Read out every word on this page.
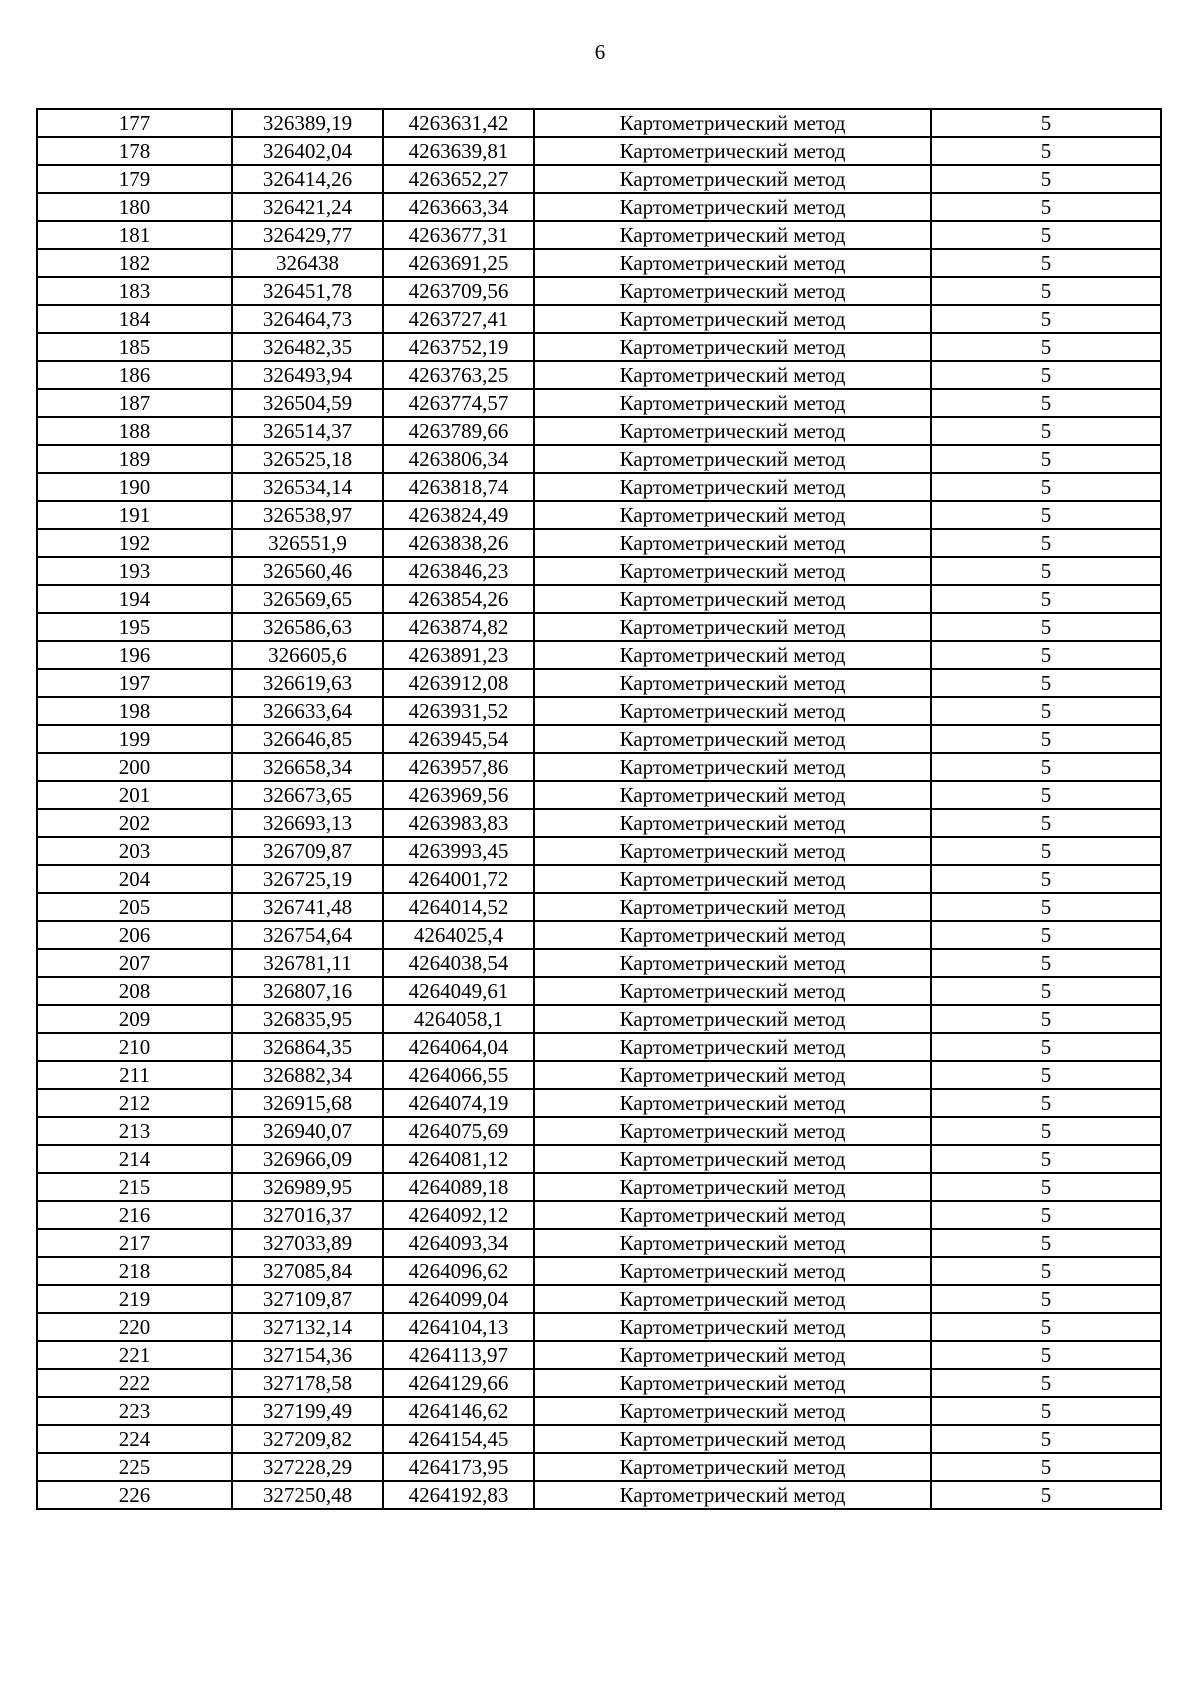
6
177	326389,19	4263631,42	Картометрический метод	5
178	326402,04	4263639,81	Картометрический метод	5
179	326414,26	4263652,27	Картометрический метод	5
180	326421,24	4263663,34	Картометрический метод	5
181	326429,77	4263677,31	Картометрический метод	5
182	326438	4263691,25	Картометрический метод	5
183	326451,78	4263709,56	Картометрический метод	5
184	326464,73	4263727,41	Картометрический метод	5
185	326482,35	4263752,19	Картометрический метод	5
186	326493,94	4263763,25	Картометрический метод	5
187	326504,59	4263774,57	Картометрический метод	5
188	326514,37	4263789,66	Картометрический метод	5
189	326525,18	4263806,34	Картометрический метод	5
190	326534,14	4263818,74	Картометрический метод	5
191	326538,97	4263824,49	Картометрический метод	5
192	326551,9	4263838,26	Картометрический метод	5
193	326560,46	4263846,23	Картометрический метод	5
194	326569,65	4263854,26	Картометрический метод	5
195	326586,63	4263874,82	Картометрический метод	5
196	326605,6	4263891,23	Картометрический метод	5
197	326619,63	4263912,08	Картометрический метод	5
198	326633,64	4263931,52	Картометрический метод	5
199	326646,85	4263945,54	Картометрический метод	5
200	326658,34	4263957,86	Картометрический метод	5
201	326673,65	4263969,56	Картометрический метод	5
202	326693,13	4263983,83	Картометрический метод	5
203	326709,87	4263993,45	Картометрический метод	5
204	326725,19	4264001,72	Картометрический метод	5
205	326741,48	4264014,52	Картометрический метод	5
206	326754,64	4264025,4	Картометрический метод	5
207	326781,11	4264038,54	Картометрический метод	5
208	326807,16	4264049,61	Картометрический метод	5
209	326835,95	4264058,1	Картометрический метод	5
210	326864,35	4264064,04	Картометрический метод	5
211	326882,34	4264066,55	Картометрический метод	5
212	326915,68	4264074,19	Картометрический метод	5
213	326940,07	4264075,69	Картометрический метод	5
214	326966,09	4264081,12	Картометрический метод	5
215	326989,95	4264089,18	Картометрический метод	5
216	327016,37	4264092,12	Картометрический метод	5
217	327033,89	4264093,34	Картометрический метод	5
218	327085,84	4264096,62	Картометрический метод	5
219	327109,87	4264099,04	Картометрический метод	5
220	327132,14	4264104,13	Картометрический метод	5
221	327154,36	4264113,97	Картометрический метод	5
222	327178,58	4264129,66	Картометрический метод	5
223	327199,49	4264146,62	Картометрический метод	5
224	327209,82	4264154,45	Картометрический метод	5
225	327228,29	4264173,95	Картометрический метод	5
226	327250,48	4264192,83	Картометрический метод	5
